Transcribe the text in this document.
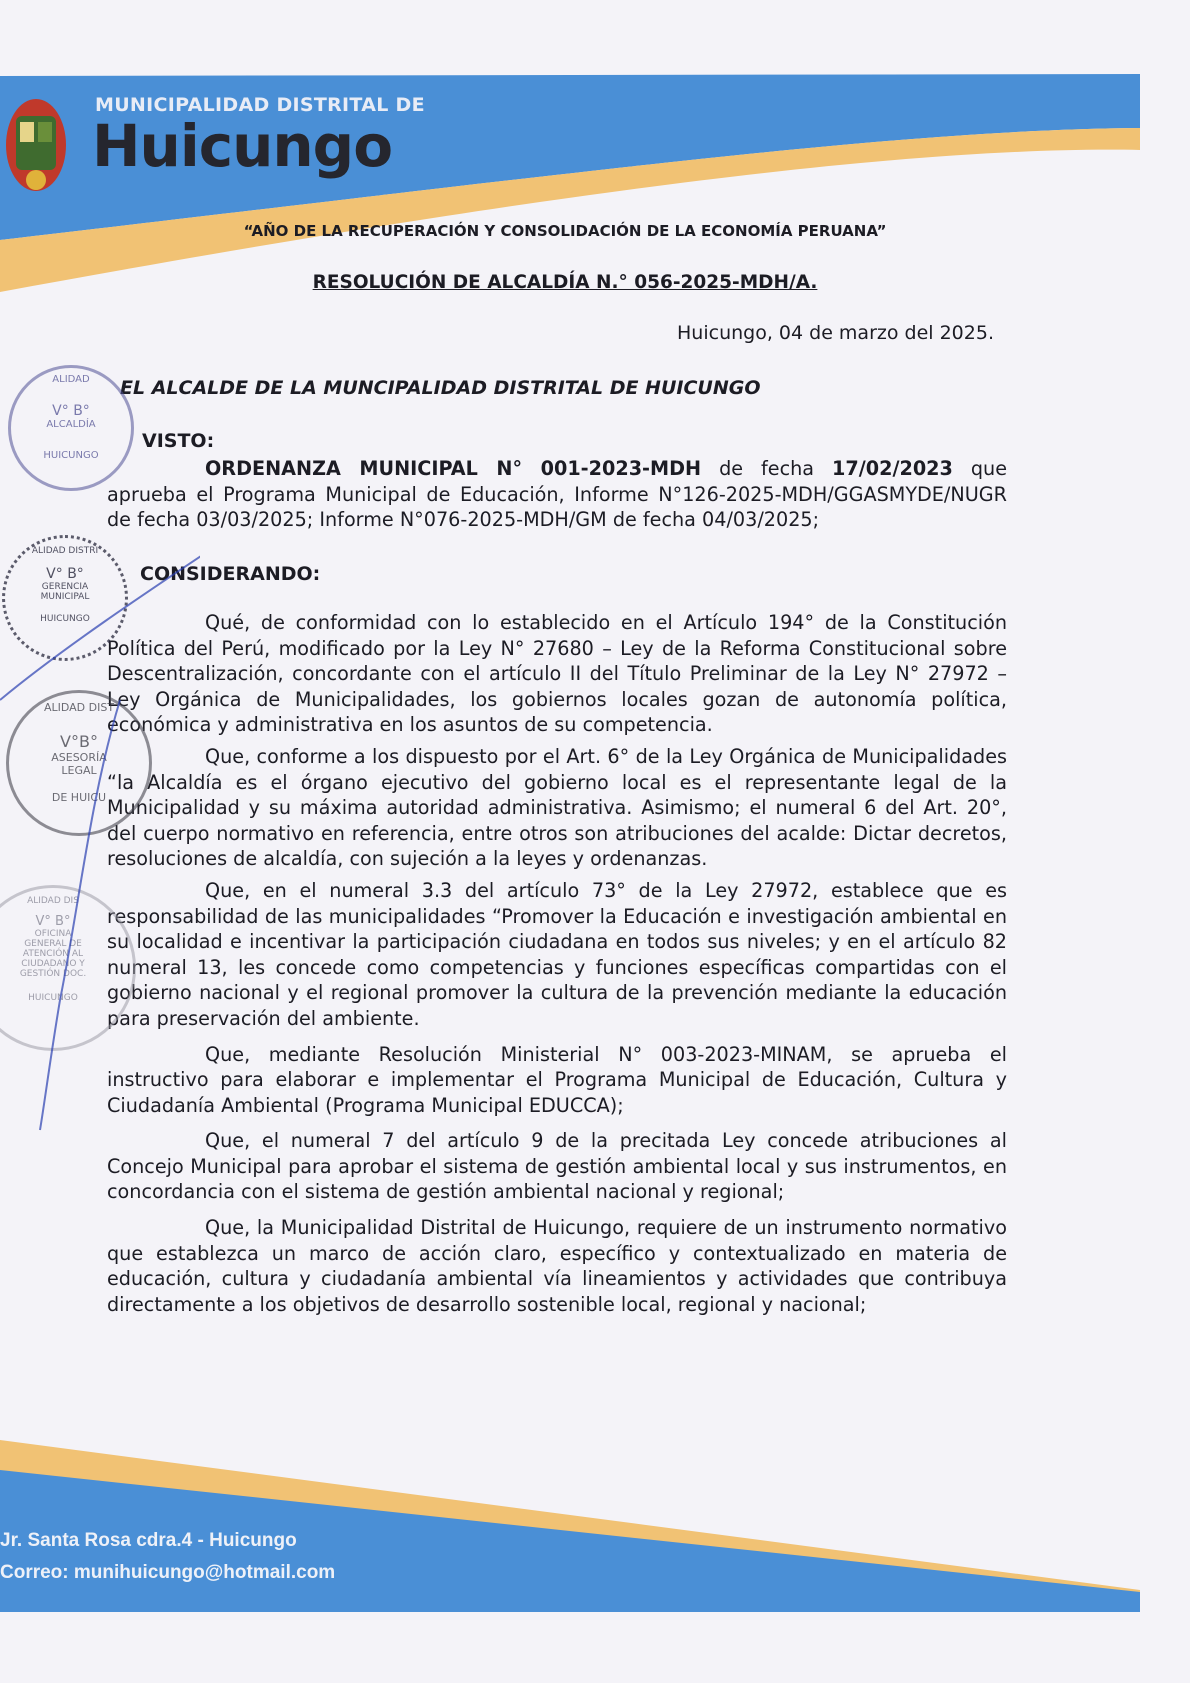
MUNICIPALIDAD DISTRITAL DE
Huicungo
“AÑO DE LA RECUPERACIÓN Y CONSOLIDACIÓN DE LA ECONOMÍA PERUANA”
RESOLUCIÓN DE ALCALDÍA N.° 056-2025-MDH/A.
Huicungo, 04 de marzo del 2025.
EL ALCALDE DE LA MUNCIPALIDAD DISTRITAL DE HUICUNGO
VISTO:

ORDENANZA MUNICIPAL N° 001-2023-MDH de fecha 17/02/2023 que aprueba el Programa Municipal de Educación, Informe N°126-2025-MDH/GGASMYDE/NUGR de fecha 03/03/2025; Informe N°076-2025-MDH/GM de fecha 04/03/2025;

CONSIDERANDO:

Qué, de conformidad con lo establecido en el Artículo 194° de la Constitución Política del Perú, modificado por la Ley N° 27680 – Ley de la Reforma Constitucional sobre Descentralización, concordante con el artículo II del Título Preliminar de la Ley N° 27972 – Ley Orgánica de Municipalidades, los gobiernos locales gozan de autonomía política, económica y administrativa en los asuntos de su competencia.

Que, conforme a los dispuesto por el Art. 6° de la Ley Orgánica de Municipalidades “la Alcaldía es el órgano ejecutivo del gobierno local es el representante legal de la Municipalidad y su máxima autoridad administrativa. Asimismo; el numeral 6 del Art. 20°, del cuerpo normativo en referencia, entre otros son atribuciones del acalde: Dictar decretos, resoluciones de alcaldía, con sujeción a la leyes y ordenanzas.

Que, en el numeral 3.3 del artículo 73° de la Ley 27972, establece que es responsabilidad de las municipalidades “Promover la Educación e investigación ambiental en su localidad e incentivar la participación ciudadana en todos sus niveles; y en el artículo 82 numeral 13, les concede como competencias y funciones específicas compartidas con el gobierno nacional y el regional promover la cultura de la prevención mediante la educación para preservación del ambiente.

Que, mediante Resolución Ministerial N° 003-2023-MINAM, se aprueba el instructivo para elaborar e implementar el Programa Municipal de Educación, Cultura y Ciudadanía Ambiental (Programa Municipal EDUCCA);

Que, el numeral 7 del artículo 9 de la precitada Ley concede atribuciones al Concejo Municipal para aprobar el sistema de gestión ambiental local y sus instrumentos, en concordancia con el sistema de gestión ambiental nacional y regional;

Que, la Municipalidad Distrital de Huicungo, requiere de un instrumento normativo que establezca un marco de acción claro, específico y contextualizado en materia de educación, cultura y ciudadanía ambiental vía lineamientos y actividades que contribuya directamente a los objetivos de desarrollo sostenible local, regional y nacional;

ALIDAD
V° B°
ALCALDÍA
HUICUNGO
ALIDAD DISTRI
V° B°
GERENCIA MUNICIPAL
HUICUNGO
ALIDAD DIST
V°B°
ASESORÍA LEGAL
DE HUICU
ALIDAD DIS
V° B°
OFICINA GENERAL DE ATENCIÓN AL CIUDADANO Y GESTIÓN DOC.
HUICUNGO
Jr. Santa Rosa cdra.4 - Huicungo
Correo: munihuicungo@hotmail.com
